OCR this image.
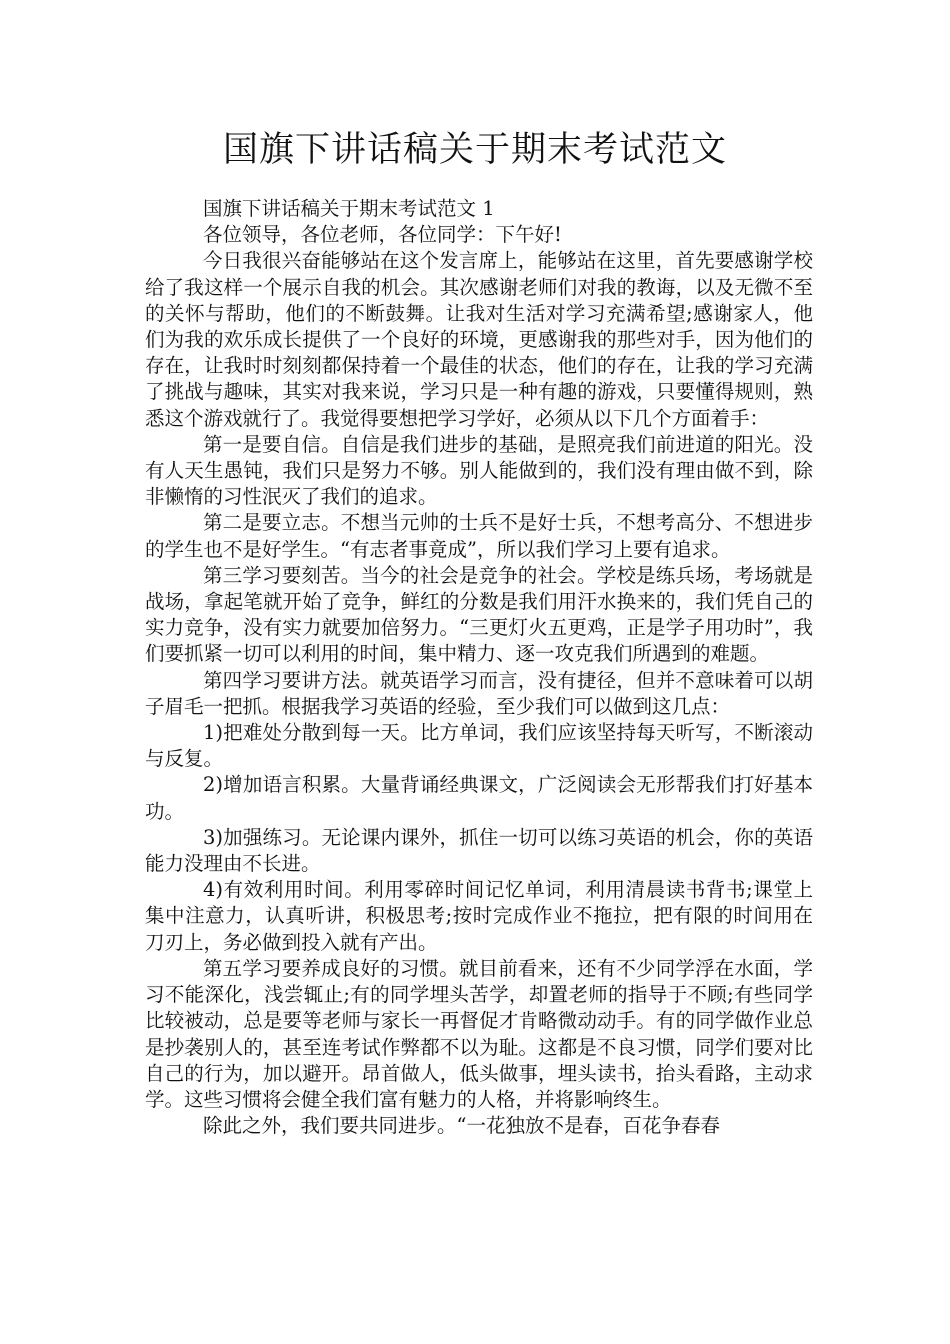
国旗下讲话稿关于期末考试范文

国旗下讲话稿关于期末考试范文 1

各位领导，各位老师，各位同学：下午好!

今日我很兴奋能够站在这个发言席上，能够站在这里，首先要感谢学校给了我这样一个展示自我的机会。其次感谢老师们对我的教诲，以及无微不至的关怀与帮助，他们的不断鼓舞。让我对生活对学习充满希望;感谢家人，他们为我的欢乐成长提供了一个良好的环境，更感谢我的那些对手，因为他们的存在，让我时时刻刻都保持着一个最佳的状态，他们的存在，让我的学习充满了挑战与趣味，其实对我来说，学习只是一种有趣的游戏，只要懂得规则，熟悉这个游戏就行了。我觉得要想把学习学好，必须从以下几个方面着手：

第一是要自信。自信是我们进步的基础，是照亮我们前进道的阳光。没有人天生愚钝，我们只是努力不够。别人能做到的，我们没有理由做不到，除非懒惰的习性泯灭了我们的追求。

第二是要立志。不想当元帅的士兵不是好士兵，不想考高分、不想进步的学生也不是好学生。“有志者事竟成”，所以我们学习上要有追求。

第三学习要刻苦。当今的社会是竞争的社会。学校是练兵场，考场就是战场，拿起笔就开始了竞争，鲜红的分数是我们用汗水换来的，我们凭自己的实力竞争，没有实力就要加倍努力。“三更灯火五更鸡，正是学子用功时”，我们要抓紧一切可以利用的时间，集中精力、逐一攻克我们所遇到的难题。

第四学习要讲方法。就英语学习而言，没有捷径，但并不意味着可以胡子眉毛一把抓。根据我学习英语的经验，至少我们可以做到这几点：

1)把难处分散到每一天。比方单词，我们应该坚持每天听写，不断滚动与反复。

2)增加语言积累。大量背诵经典课文，广泛阅读会无形帮我们打好基本功。

3)加强练习。无论课内课外，抓住一切可以练习英语的机会，你的英语能力没理由不长进。

4)有效利用时间。利用零碎时间记忆单词，利用清晨读书背书;课堂上集中注意力，认真听讲，积极思考;按时完成作业不拖拉，把有限的时间用在刀刃上，务必做到投入就有产出。

第五学习要养成良好的习惯。就目前看来，还有不少同学浮在水面，学习不能深化，浅尝辄止;有的同学埋头苦学，却置老师的指导于不顾;有些同学比较被动，总是要等老师与家长一再督促才肯略微动动手。有的同学做作业总是抄袭别人的，甚至连考试作弊都不以为耻。这都是不良习惯，同学们要对比自己的行为，加以避开。昂首做人，低头做事，埋头读书，抬头看路，主动求学。这些习惯将会健全我们富有魅力的人格，并将影响终生。

除此之外，我们要共同进步。“一花独放不是春，百花争春春
